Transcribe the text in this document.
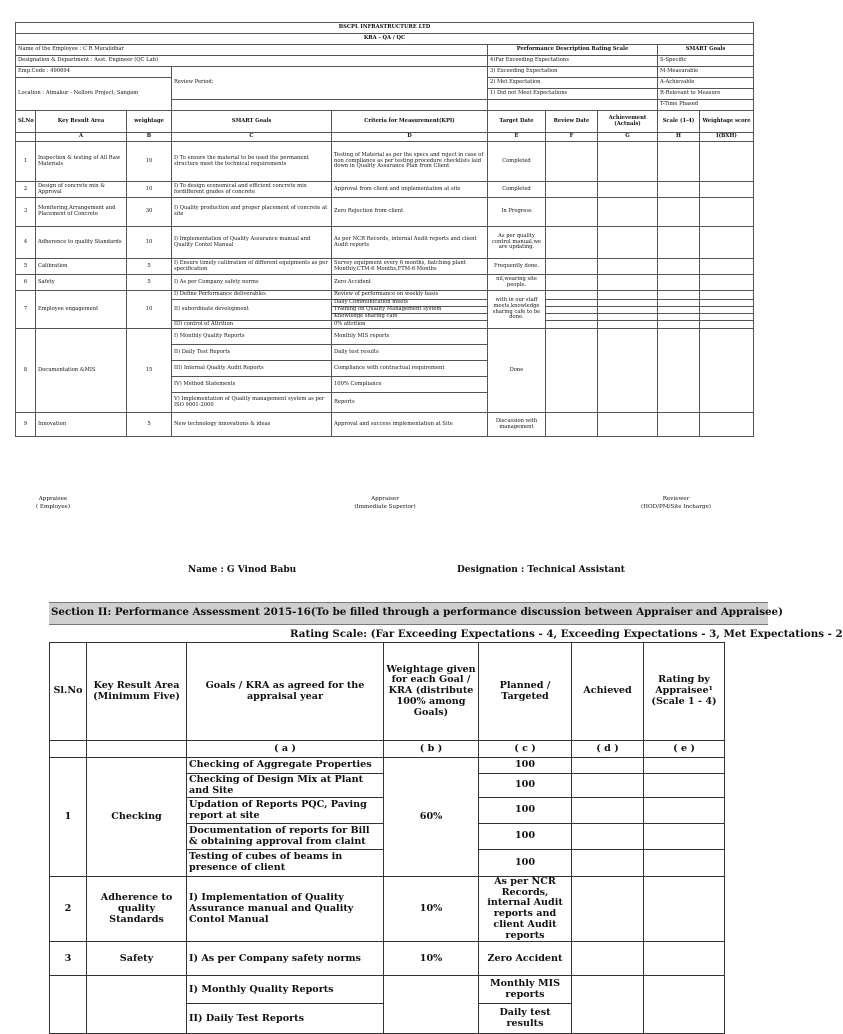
BSCPL INFRASTRUCTURE LTD									
KRA - QA / QC									
Name of the Employee : C R Muralidhar					Performance Description Rating Scale			SMART Goals	
Designation & Department : Asst. Engineer (QC Lab)					4)Far Exceeding Expectations			S-Specific	
Emp.Code : 490694			Review Period:		3) Exceeding Expectation			M-Measurable	
Location : Atmakur - Nellore Project, Sangam					2) Met Expectation			A-Achievable	
					1) Did not Meet Expectations			R-Relevant to Measure	
								T-Time Phased	
Sl.No	Key Result Area	weightage	SMART Goals	Criteria for Measurement(KPI)	Target Date	Review Date	Achievement (Actuals)	Scale (1-4)	Weightage score
	A	B	C	D	E	F	G	H	I(BXH)
1	Inspection & testing of All Raw Materials	10	I) To ensure the material to be used the permanent structure meet the technical requirements	Testing of Material as per the specs and reject in case of non compliance as per testing procedure checklists laid down in Quality Assurance Plan from Client	Completed				
2	Design of concrete mix & Approval	10	I) To design economical and efficient concrete mix fordifferent grades of concrete	Approval from client and implementation at site	Completed				
3	Monitering,Arrangement and Placement of Concrete	30	I) Quality production and proper placement of concrete at site	Zero Rejection from client	In Progress				
4	Adherence to quality Standards	10	I) Implementation of Quality Assurance manual and Quality Contol Manual	As per NCR Records, internal Audit reports and client Audit reports	As per quality control manual,we are updating.				
5	Calibration	5	I) Ensure timely calibration of different equipments as per specification	Survey equipment every 6 months, batching plant Monthly,CTM-6 Months,FTM-6 Months	Frequently done.				
6	Safety	5	I) As per Company safety norms	Zero Accident	nil,wearing site people.				
7	Employee engagement	10	I) Define Performance deliverables	Review of performance on weekly basis	with in our staff meets,knowledge sharing cafe to be done.				
			II) subordinate development	Daily Communication meets					
				Training on Quality Management system					
				Knowledge sharing cafe					
			III) control of Attrition	0% attrition					
8	Documentation &MIS	15	I) Monthly Quality Reports	Monthly MIS reports	Done				
			II) Daily Test Reports	Daily test results					
			III) Internal Quality Audit Reports	Compliance with contractual requirement					
			IV) Method Statements	100% Compliance					
			V) Implementation of Quality management system as per ISO 9001-2000	Reports					
9	Innovation	5	New technology innovations & ideas	Approval and success implementation at Site	Discussion with management				
Appraisee
( Employee)
Appraiser
(Immediate Superior)
Reviewer
(HOD/PM/Site Incharge)
Name : G Vinod Babu	Designation : Technical Assistant
Section II: Performance Assessment 2015-16(To be filled through a performance discussion between Appraiser and Appraisee)
Rating Scale: (Far Exceeding Expectations - 4, Exceeding Expectations - 3, Met Expectations - 2
Sl.No	Key Result Area (Minimum Five)	Goals / KRA as agreed for the appraisal year	Weightage given for each Goal / KRA (distribute 100% among Goals)	Planned / Targeted	Achieved	Rating by Appraisee¹ (Scale 1 - 4)
		( a )	( b )	( c )	( d )	( e )
1	Checking	Checking of Aggregate Properties	60%	100		
		Checking of Design Mix at Plant and Site		100		
		Updation of Reports PQC, Paving report at site		100		
		Documentation of reports for Bill & obtaining approval from claint		100		
		Testing of cubes of beams in presence of client		100		
2	Adherence to quality Standards	I) Implementation of Quality Assurance manual and Quality Contol Manual	10%	As per NCR Records, internal Audit reports and client Audit reports		
3	Safety	I) As per Company safety norms	10%	Zero Accident		
		I) Monthly Quality Reports		Monthly MIS reports		
		II) Daily Test Reports		Daily test results		
